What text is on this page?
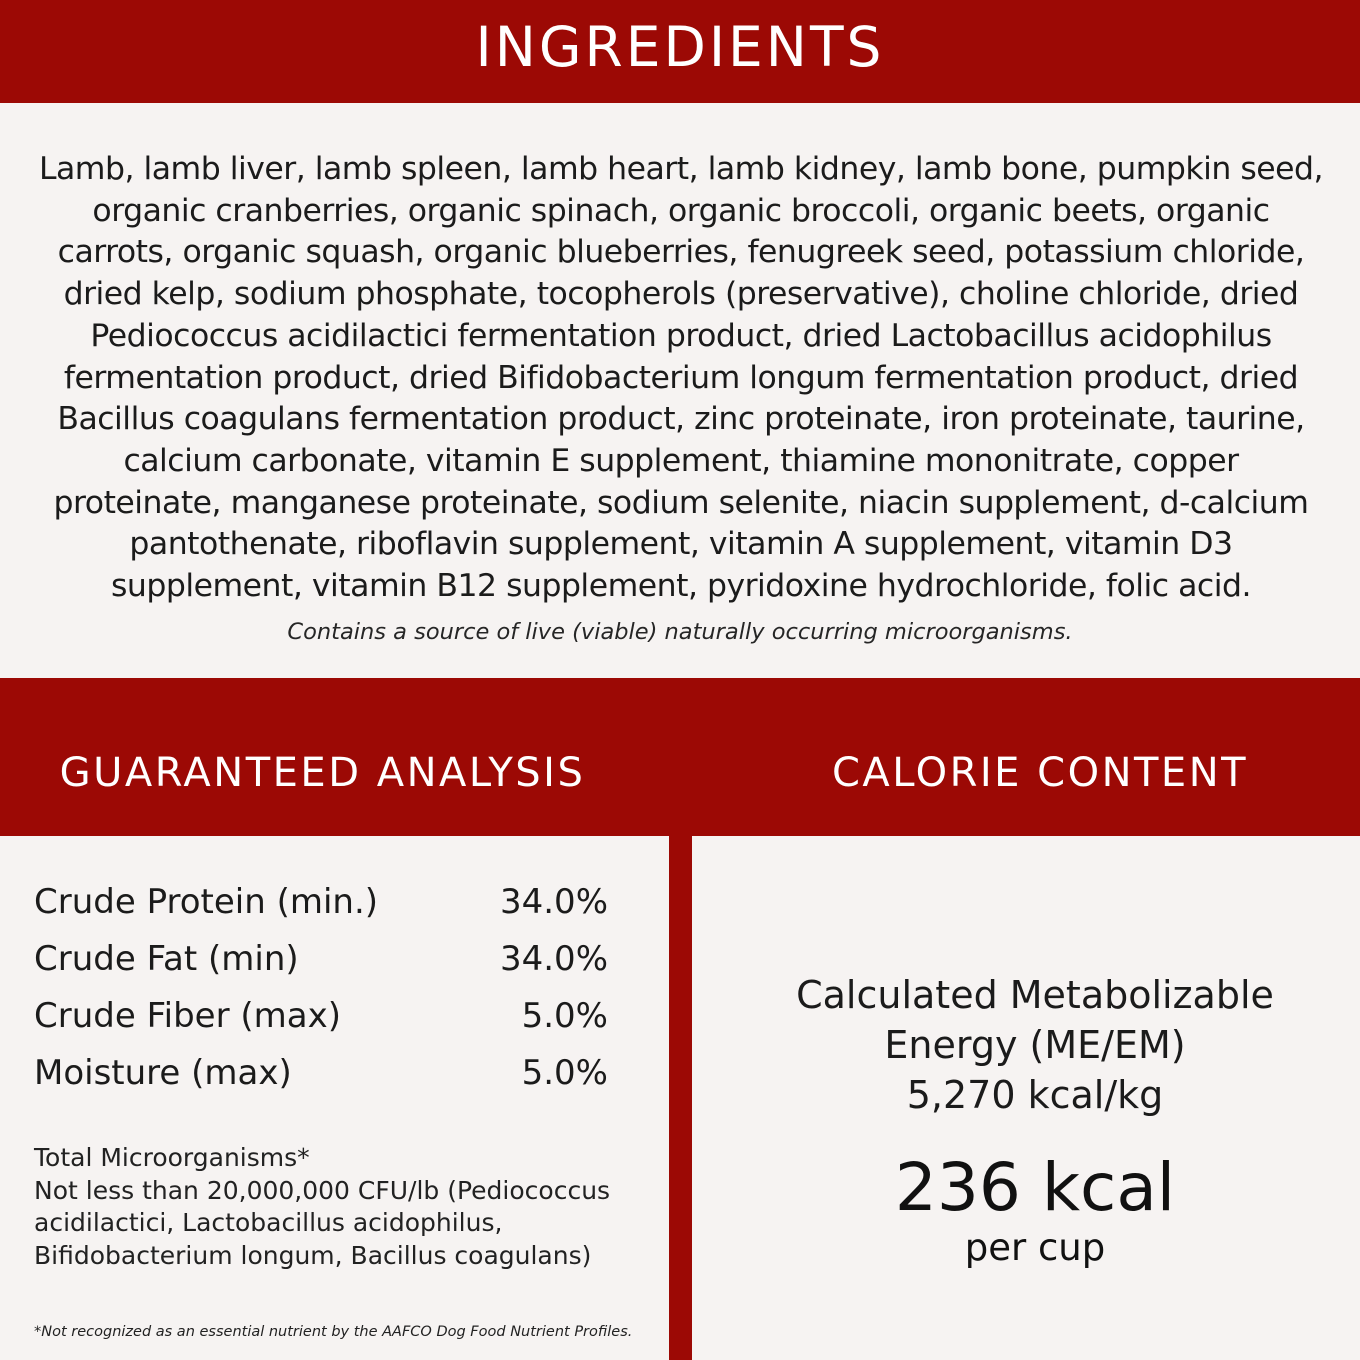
INGREDIENTS
Lamb, lamb liver, lamb spleen, lamb heart, lamb kidney, lamb bone, pumpkin seed,
organic cranberries, organic spinach, organic broccoli, organic beets, organic
carrots, organic squash, organic blueberries, fenugreek seed, potassium chloride,
dried kelp, sodium phosphate, tocopherols (preservative), choline chloride, dried
Pediococcus acidilactici fermentation product, dried Lactobacillus acidophilus
fermentation product, dried Bifidobacterium longum fermentation product, dried
Bacillus coagulans fermentation product, zinc proteinate, iron proteinate, taurine,
calcium carbonate, vitamin E supplement, thiamine mononitrate, copper
proteinate, manganese proteinate, sodium selenite, niacin supplement, d-calcium
pantothenate, riboflavin supplement, vitamin A supplement, vitamin D3
supplement, vitamin B12 supplement, pyridoxine hydrochloride, folic acid.

Contains a source of live (viable) naturally occurring microorganisms.

GUARANTEED ANALYSIS	CALORIE CONTENT
Crude Protein (min.)	34.0%
Crude Fat (min)	34.0%
Crude Fiber (max)	5.0%
Moisture (max)	5.0%
Total Microorganisms*
Not less than 20,000,000 CFU/lb (Pediococcus
acidilactici, Lactobacillus acidophilus,
Bifidobacterium longum, Bacillus coagulans)

*Not recognized as an essential nutrient by the AAFCO Dog Food Nutrient Profiles.

Calculated Metabolizable
Energy (ME/EM)
5,270 kcal/kg
236 kcal
per cup
